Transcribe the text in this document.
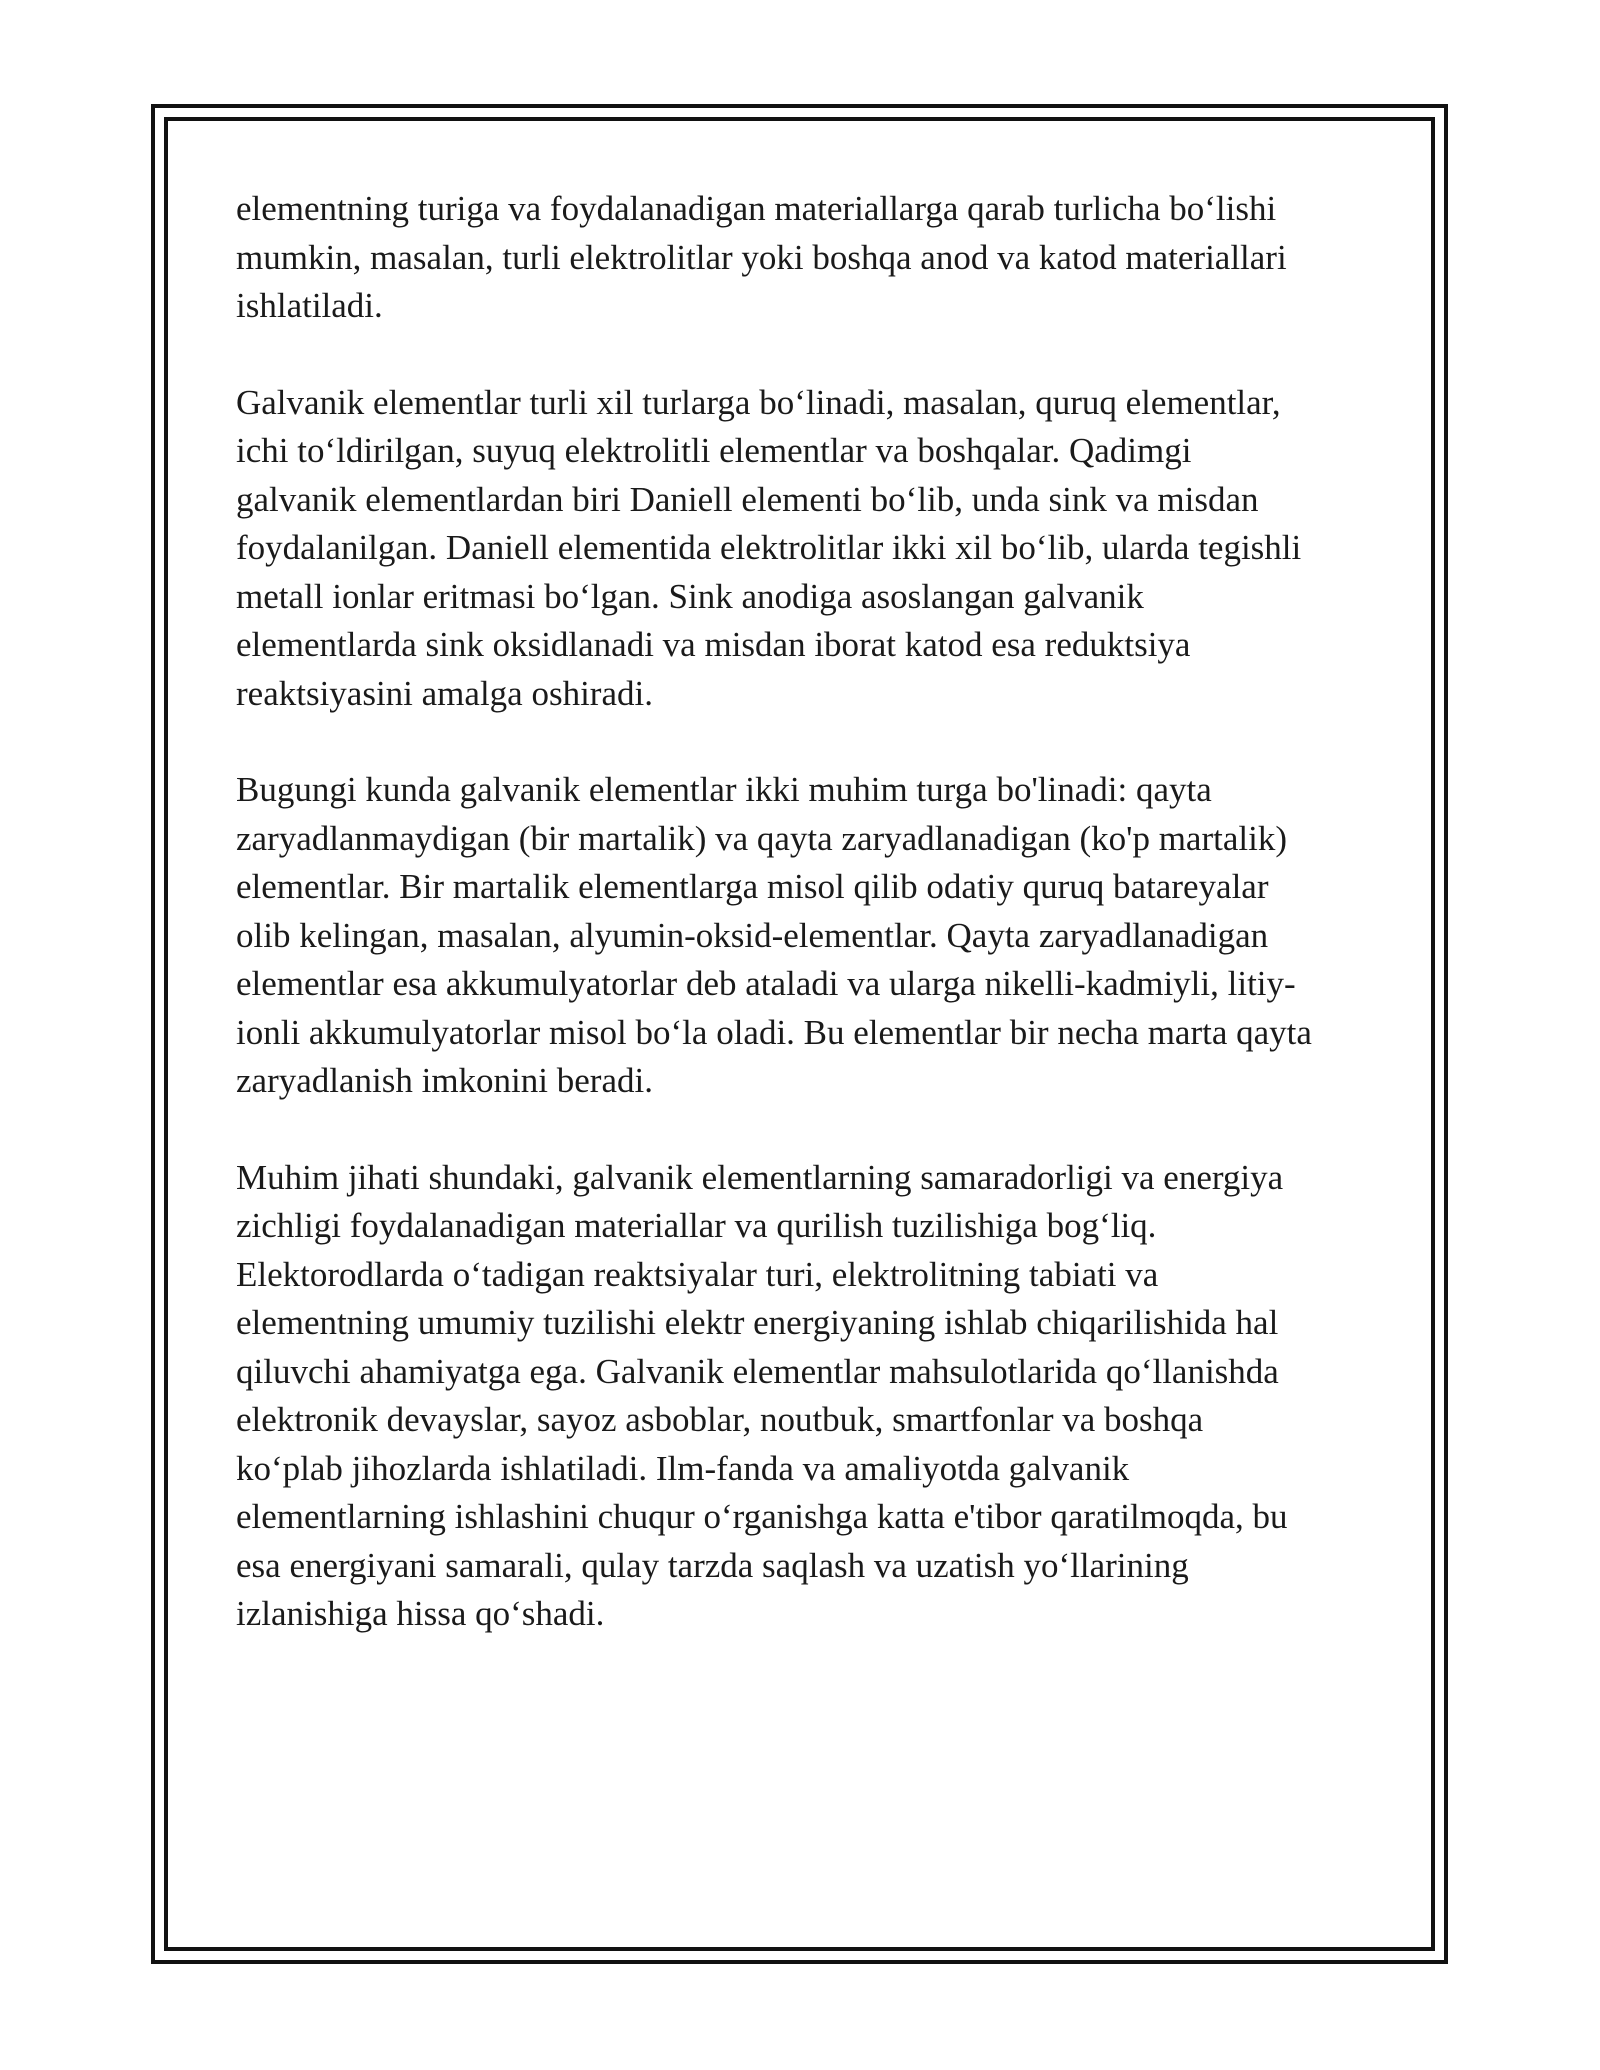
elementning turiga va foydalanadigan materiallarga qarab turlicha bo‘lishi
mumkin, masalan, turli elektrolitlar yoki boshqa anod va katod materiallari
ishlatiladi.

Galvanik elementlar turli xil turlarga bo‘linadi, masalan, quruq elementlar,
ichi to‘ldirilgan, suyuq elektrolitli elementlar va boshqalar. Qadimgi
galvanik elementlardan biri Daniell elementi bo‘lib, unda sink va misdan
foydalanilgan. Daniell elementida elektrolitlar ikki xil bo‘lib, ularda tegishli
metall ionlar eritmasi bo‘lgan. Sink anodiga asoslangan galvanik
elementlarda sink oksidlanadi va misdan iborat katod esa reduktsiya
reaktsiyasini amalga oshiradi.

Bugungi kunda galvanik elementlar ikki muhim turga bo'linadi: qayta
zaryadlanmaydigan (bir martalik) va qayta zaryadlanadigan (ko'p martalik)
elementlar. Bir martalik elementlarga misol qilib odatiy quruq batareyalar
olib kelingan, masalan, alyumin-oksid-elementlar. Qayta zaryadlanadigan
elementlar esa akkumulyatorlar deb ataladi va ularga nikelli-kadmiyli, litiy-
ionli akkumulyatorlar misol bo‘la oladi. Bu elementlar bir necha marta qayta
zaryadlanish imkonini beradi.

Muhim jihati shundaki, galvanik elementlarning samaradorligi va energiya
zichligi foydalanadigan materiallar va qurilish tuzilishiga bog‘liq.
Elektorodlarda o‘tadigan reaktsiyalar turi, elektrolitning tabiati va
elementning umumiy tuzilishi elektr energiyaning ishlab chiqarilishida hal
qiluvchi ahamiyatga ega. Galvanik elementlar mahsulotlarida qo‘llanishda
elektronik devayslar, sayoz asboblar, noutbuk, smartfonlar va boshqa
ko‘plab jihozlarda ishlatiladi. Ilm-fanda va amaliyotda galvanik
elementlarning ishlashini chuqur o‘rganishga katta e'tibor qaratilmoqda, bu
esa energiyani samarali, qulay tarzda saqlash va uzatish yo‘llarining
izlanishiga hissa qo‘shadi.
